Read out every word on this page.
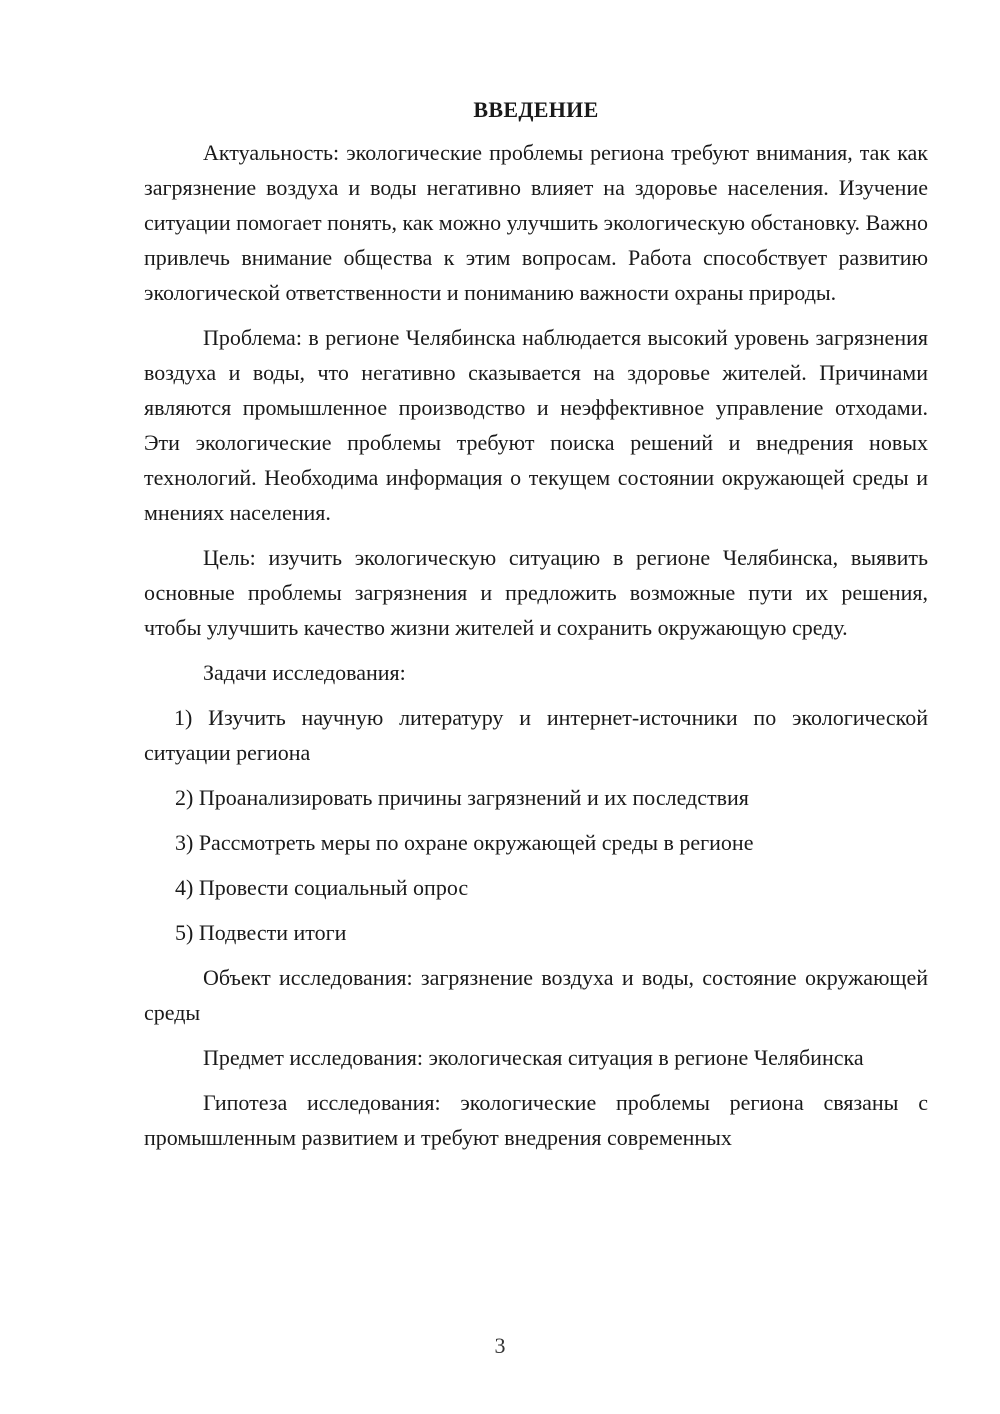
ВВЕДЕНИЕ

Актуальность: экологические проблемы региона требуют внимания, так как загрязнение воздуха и воды негативно влияет на здоровье населения. Изучение ситуации помогает понять, как можно улучшить экологическую обстановку. Важно привлечь внимание общества к этим вопросам. Работа способствует развитию экологической ответственности и пониманию важности охраны природы.

Проблема: в регионе Челябинска наблюдается высокий уровень загрязнения воздуха и воды, что негативно сказывается на здоровье жителей. Причинами являются промышленное производство и неэффективное управление отходами. Эти экологические проблемы требуют поиска решений и внедрения новых технологий. Необходима информация о текущем состоянии окружающей среды и мнениях населения.

Цель: изучить экологическую ситуацию в регионе Челябинска, выявить основные проблемы загрязнения и предложить возможные пути их решения, чтобы улучшить качество жизни жителей и сохранить окружающую среду.

Задачи исследования:

1) Изучить научную литературу и интернет-источники по экологической ситуации региона

2) Проанализировать причины загрязнений и их последствия

3) Рассмотреть меры по охране окружающей среды в регионе

4) Провести социальный опрос

5) Подвести итоги

Объект исследования: загрязнение воздуха и воды, состояние окружающей среды

Предмет исследования: экологическая ситуация в регионе Челябинска

Гипотеза исследования: экологические проблемы региона связаны с промышленным развитием и требуют внедрения современных

3
